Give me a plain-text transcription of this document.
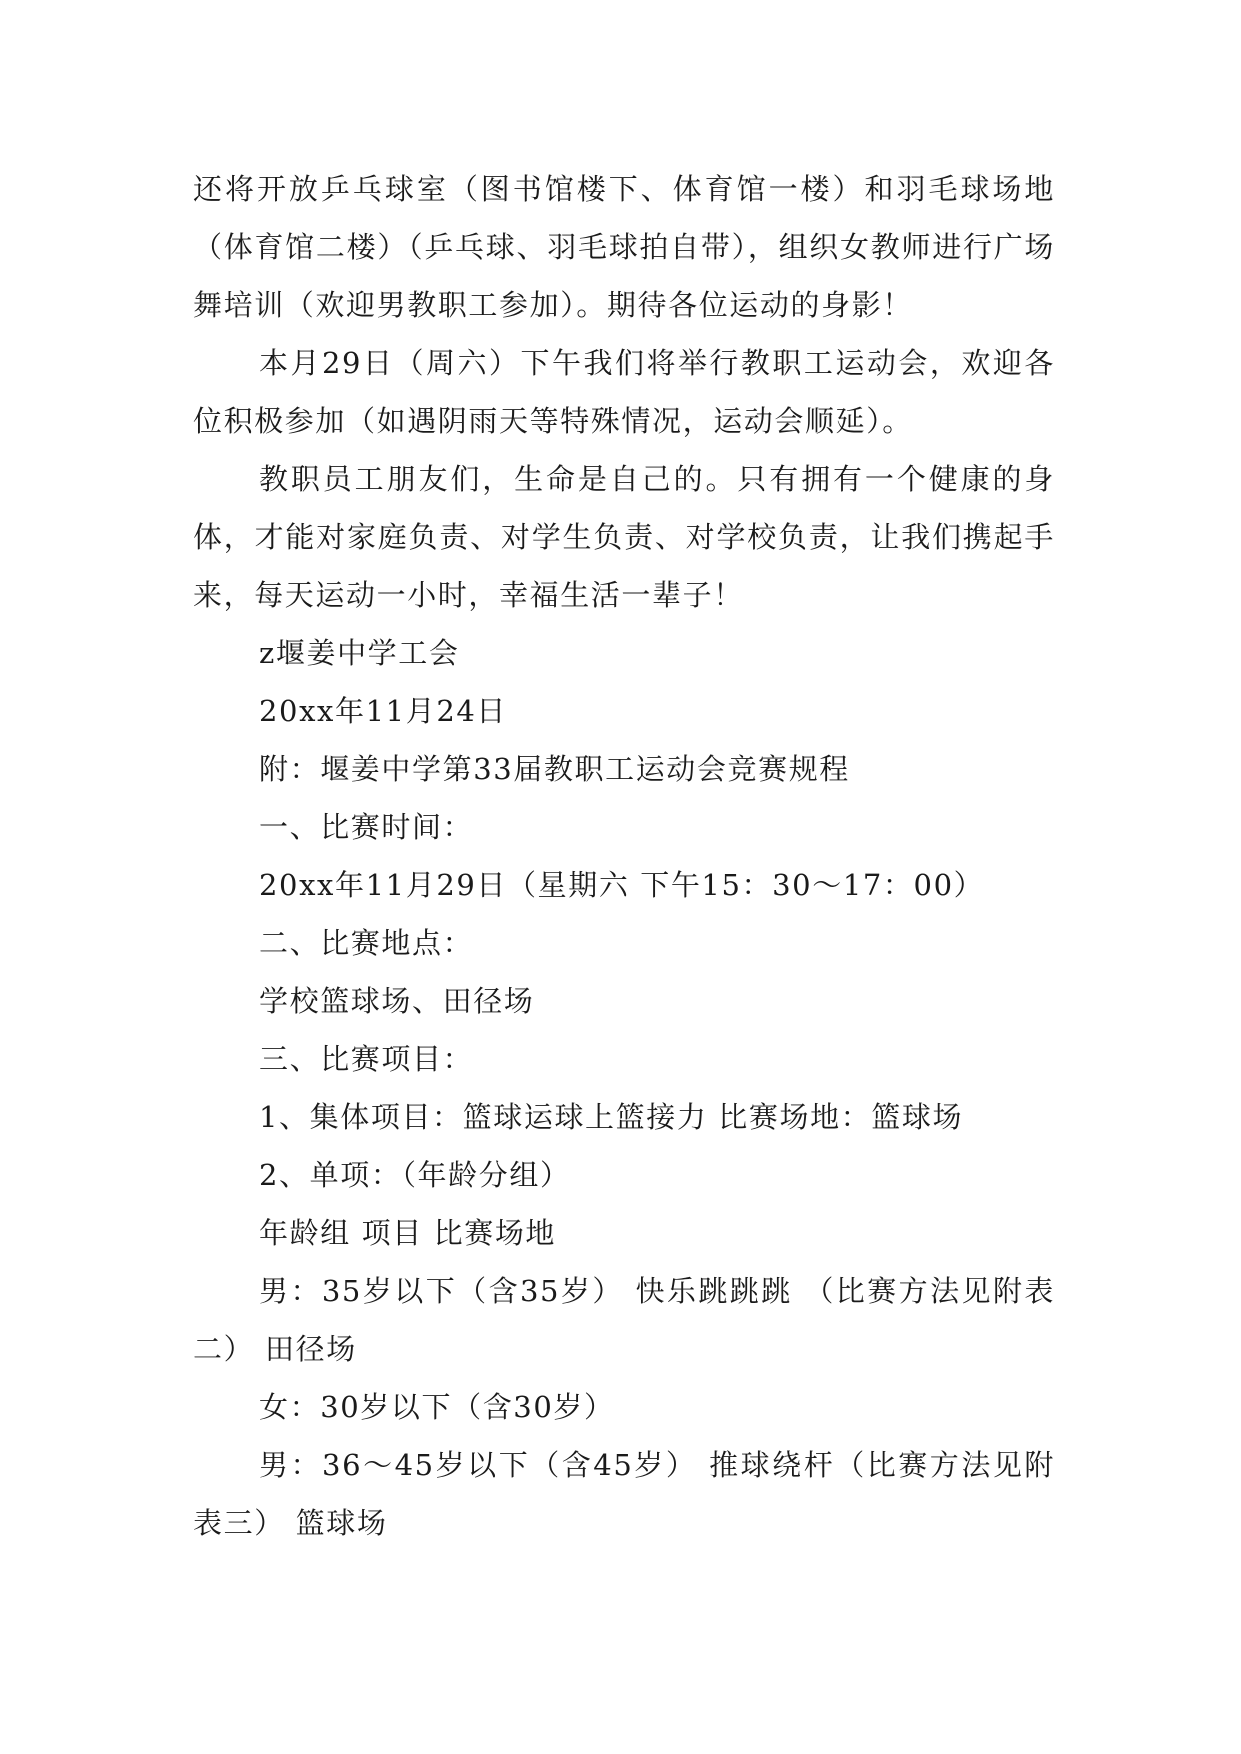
还将开放乒乓球室（图书馆楼下、体育馆一楼）和羽毛球场地（体育馆二楼）（乒乓球、羽毛球拍自带），组织女教师进行广场舞培训（欢迎男教职工参加）。期待各位运动的身影！

本月29日（周六）下午我们将举行教职工运动会，欢迎各位积极参加（如遇阴雨天等特殊情况，运动会顺延）。

教职员工朋友们，生命是自己的。只有拥有一个健康的身体，才能对家庭负责、对学生负责、对学校负责，让我们携起手来，每天运动一小时，幸福生活一辈子！

z堰姜中学工会

20xx年11月24日

附：堰姜中学第33届教职工运动会竞赛规程

一、比赛时间：

20xx年11月29日（星期六 下午15：30～17：00）

二、比赛地点：

学校篮球场、田径场

三、比赛项目：

1、集体项目：篮球运球上篮接力 比赛场地：篮球场

2、单项：（年龄分组）

年龄组 项目 比赛场地

男：35岁以下（含35岁） 快乐跳跳跳 （比赛方法见附表二） 田径场

女：30岁以下（含30岁）

男：36～45岁以下（含45岁） 推球绕杆（比赛方法见附表三） 篮球场
